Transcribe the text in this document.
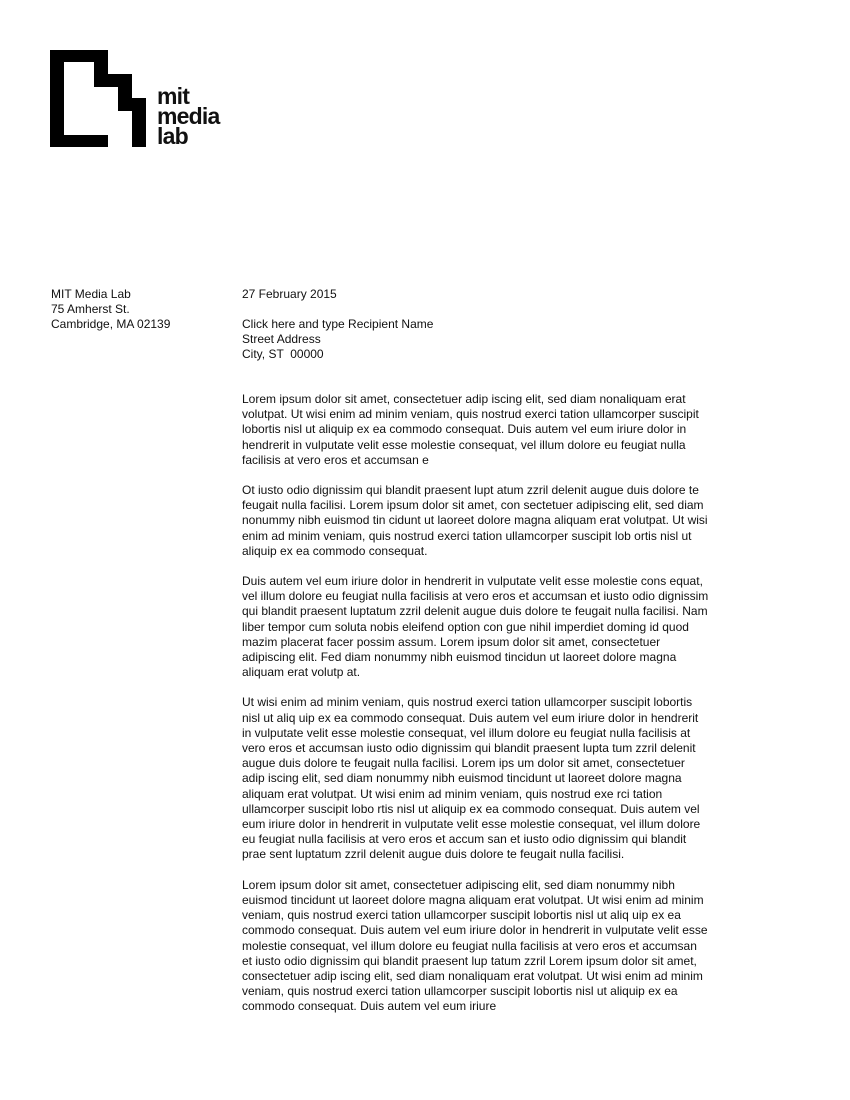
mit
media
lab
MIT Media Lab
75 Amherst St.
Cambridge, MA 02139
27 February 2015
Click here and type Recipient Name
Street Address
City, ST  00000

Lorem ipsum dolor sit amet, consectetuer adip iscing elit, sed diam nonaliquam erat volutpat. Ut wisi enim ad minim veniam, quis nostrud exerci tation ullamcorper suscipit lobortis nisl ut aliquip ex ea commodo consequat. Duis autem vel eum iriure dolor in hendrerit in vulputate velit esse molestie consequat, vel illum dolore eu feugiat nulla facilisis at vero eros et accumsan e

Ot iusto odio dignissim qui blandit praesent lupt atum zzril delenit augue duis dolore te feugait nulla facilisi. Lorem ipsum dolor sit amet, con sectetuer adipiscing elit, sed diam nonummy nibh euismod tin cidunt ut laoreet dolore magna aliquam erat volutpat. Ut wisi enim ad minim veniam, quis nostrud exerci tation ullamcorper suscipit lob ortis nisl ut aliquip ex ea commodo consequat.

Duis autem vel eum iriure dolor in hendrerit in vulputate velit esse molestie cons equat, vel illum dolore eu feugiat nulla facilisis at vero eros et accumsan et iusto odio dignissim qui blandit praesent luptatum zzril delenit augue duis dolore te feugait nulla facilisi. Nam liber tempor cum soluta nobis eleifend option con gue nihil imperdiet doming id quod mazim placerat facer possim assum. Lorem ipsum dolor sit amet, consectetuer adipiscing elit. Fed diam nonummy nibh euismod tincidun ut laoreet dolore magna aliquam erat volutp at.

Ut wisi enim ad minim veniam, quis nostrud exerci tation ullamcorper suscipit lobortis nisl ut aliq uip ex ea commodo consequat. Duis autem vel eum iriure dolor in hendrerit in vulputate velit esse molestie consequat, vel illum dolore eu feugiat nulla facilisis at vero eros et accumsan iusto odio dignissim qui blandit praesent lupta tum zzril delenit augue duis dolore te feugait nulla facilisi. Lorem ips um dolor sit amet, consectetuer adip iscing elit, sed diam nonummy nibh euismod tincidunt ut laoreet dolore magna aliquam erat volutpat. Ut wisi enim ad minim veniam, quis nostrud exe rci tation ullamcorper suscipit lobo rtis nisl ut aliquip ex ea commodo consequat. Duis autem vel eum iriure dolor in hendrerit in vulputate velit esse molestie consequat, vel illum dolore eu feugiat nulla facilisis at vero eros et accum san et iusto odio dignissim qui blandit prae sent luptatum zzril delenit augue duis dolore te feugait nulla facilisi.

Lorem ipsum dolor sit amet, consectetuer adipiscing elit, sed diam nonummy nibh euismod tincidunt ut laoreet dolore magna aliquam erat volutpat. Ut wisi enim ad minim veniam, quis nostrud exerci tation ullamcorper suscipit lobortis nisl ut aliq uip ex ea commodo consequat. Duis autem vel eum iriure dolor in hendrerit in vulputate velit esse molestie consequat, vel illum dolore eu feugiat nulla facilisis at vero eros et accumsan et iusto odio dignissim qui blandit praesent lup tatum zzril Lorem ipsum dolor sit amet, consectetuer adip iscing elit, sed diam nonaliquam erat volutpat. Ut wisi enim ad minim veniam, quis nostrud exerci tation ullamcorper suscipit lobortis nisl ut aliquip ex ea commodo consequat. Duis autem vel eum iriure
